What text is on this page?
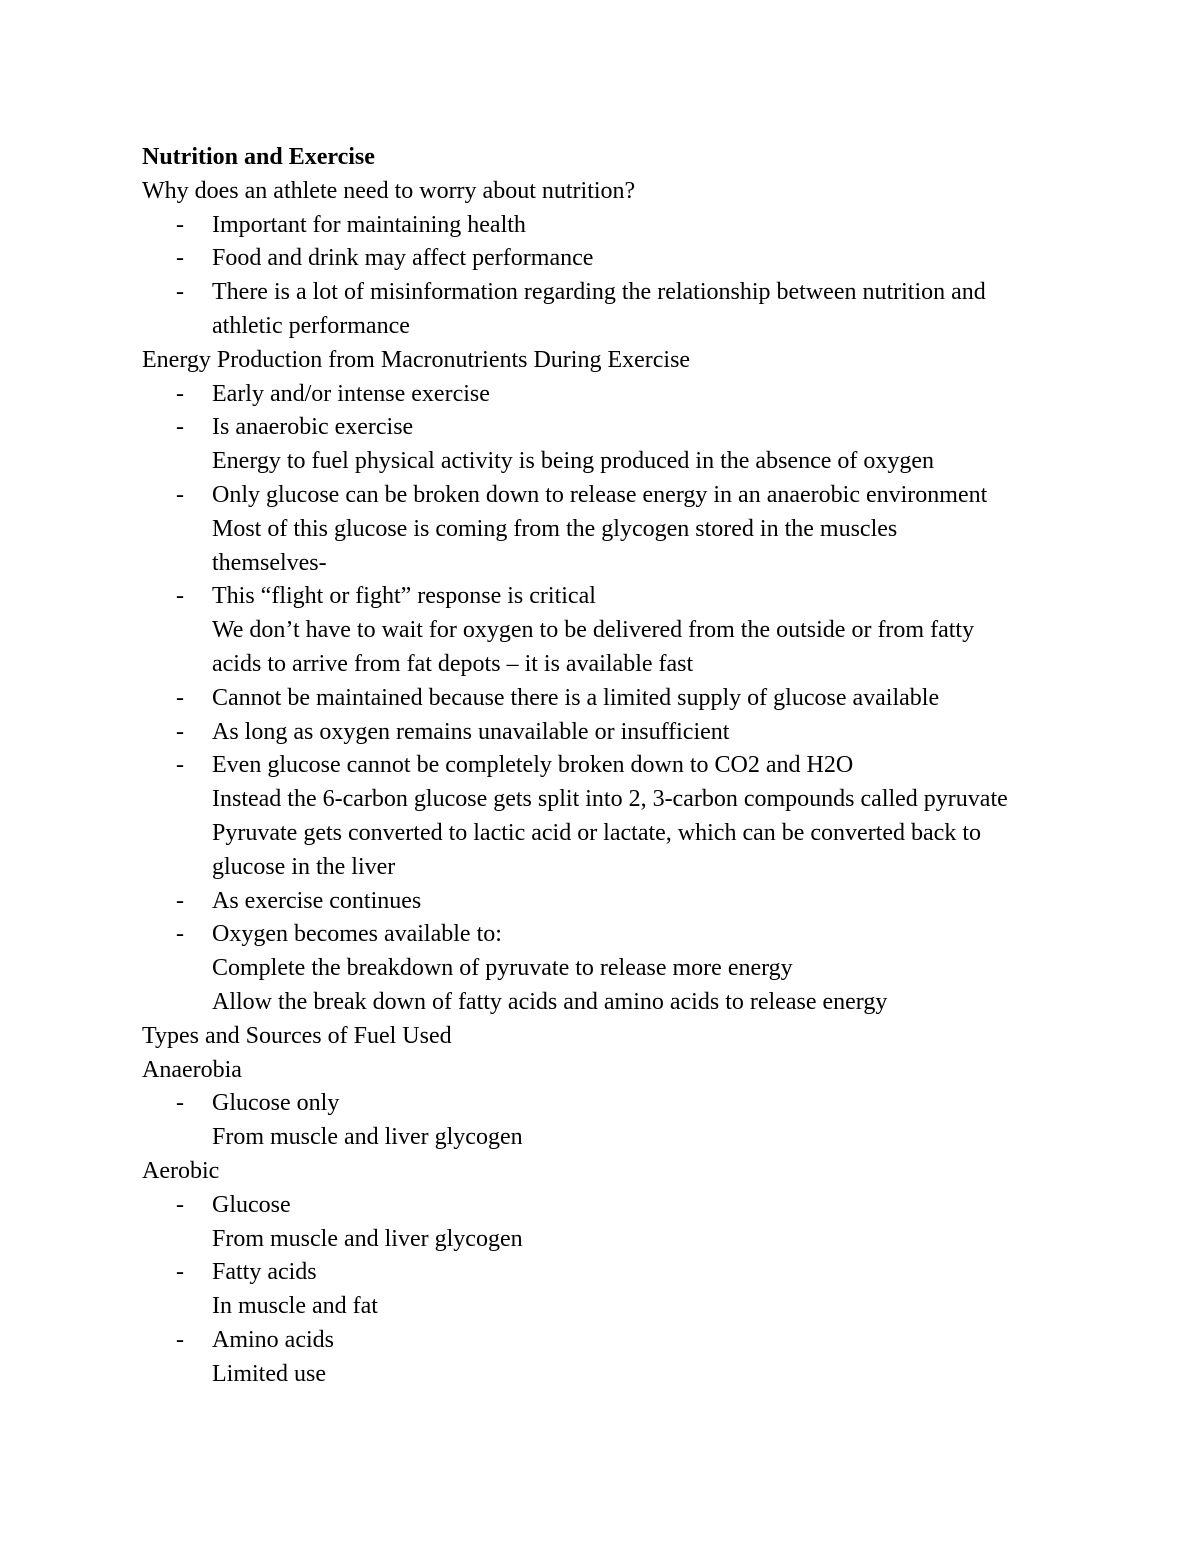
Nutrition and Exercise
Why does an athlete need to worry about nutrition?
- Important for maintaining health
- Food and drink may affect performance
- There is a lot of misinformation regarding the relationship between nutrition and
athletic performance
Energy Production from Macronutrients During Exercise
- Early and/or intense exercise
- Is anaerobic exercise
Energy to fuel physical activity is being produced in the absence of oxygen
- Only glucose can be broken down to release energy in an anaerobic environment
Most of this glucose is coming from the glycogen stored in the muscles
themselves-
- This “flight or fight” response is critical
We don’t have to wait for oxygen to be delivered from the outside or from fatty
acids to arrive from fat depots – it is available fast
- Cannot be maintained because there is a limited supply of glucose available
- As long as oxygen remains unavailable or insufficient
- Even glucose cannot be completely broken down to CO2 and H2O
Instead the 6-carbon glucose gets split into 2, 3-carbon compounds called pyruvate
Pyruvate gets converted to lactic acid or lactate, which can be converted back to
glucose in the liver
- As exercise continues
- Oxygen becomes available to:
Complete the breakdown of pyruvate to release more energy
Allow the break down of fatty acids and amino acids to release energy
Types and Sources of Fuel Used
Anaerobia
- Glucose only
From muscle and liver glycogen
Aerobic
- Glucose
From muscle and liver glycogen
- Fatty acids
In muscle and fat
- Amino acids
Limited use
